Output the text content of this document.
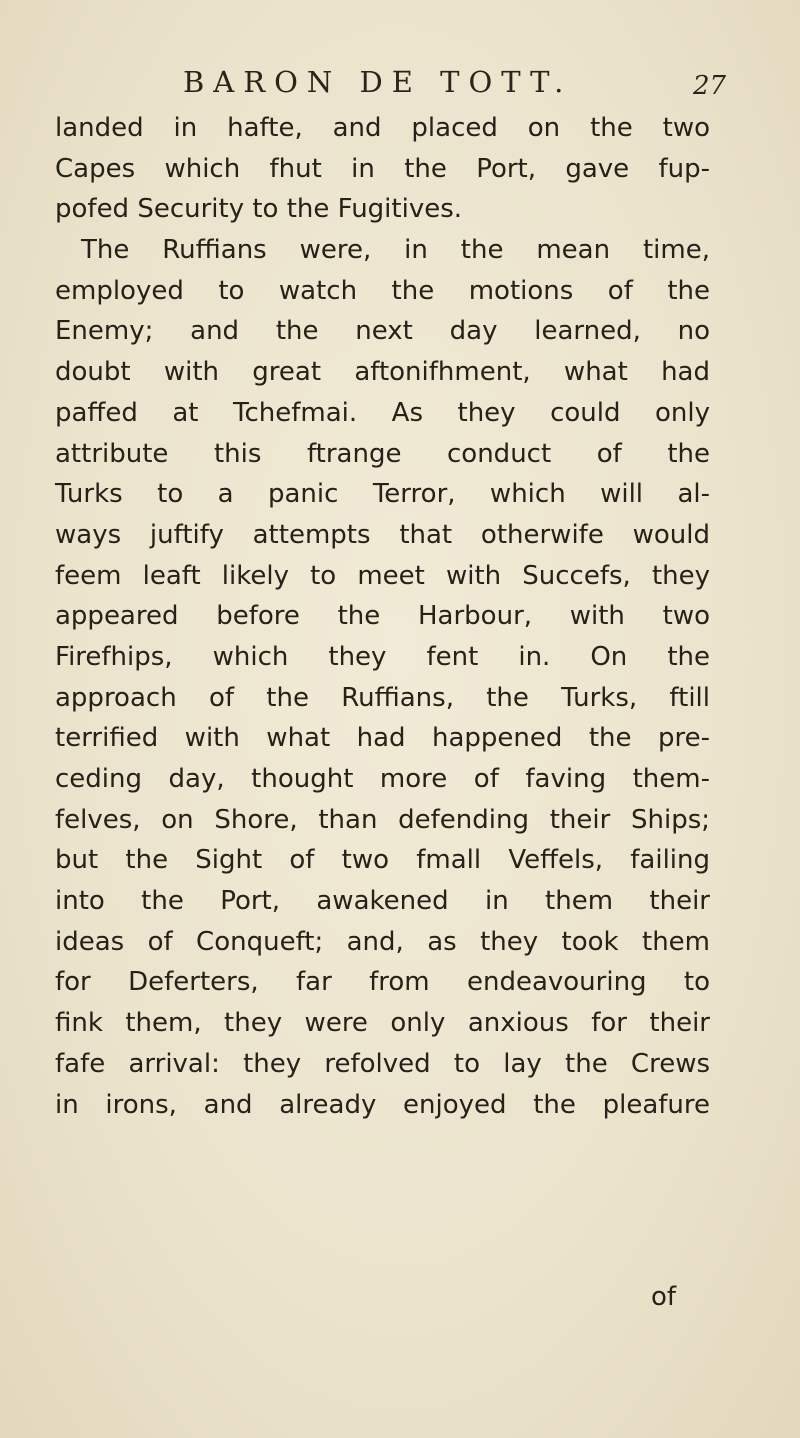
BARON DE TOTT.	27
landed in hafte, and placed on the two
Capes which fhut in the Port, gave fup-
pofed Security to the Fugitives.
The Ruffians were, in the mean time,
employed to watch the motions of the
Enemy; and the next day learned, no
doubt with great aftonifhment, what had
paffed at Tchefmai. As they could only
attribute this ftrange conduct of the
Turks to a panic Terror, which will al-
ways juftify attempts that otherwife would
feem leaft likely to meet with Succefs, they
appeared before the Harbour, with two
Firefhips, which they fent in. On the
approach of the Ruffians, the Turks, ftill
terrified with what had happened the pre-
ceding day, thought more of faving them-
felves, on Shore, than defending their Ships;
but the Sight of two fmall Veffels, failing
into the Port, awakened in them their
ideas of Conqueft; and, as they took them
for Deferters, far from endeavouring to
fink them, they were only anxious for their
fafe arrival: they refolved to lay the Crews
in irons, and already enjoyed the pleafure
of
